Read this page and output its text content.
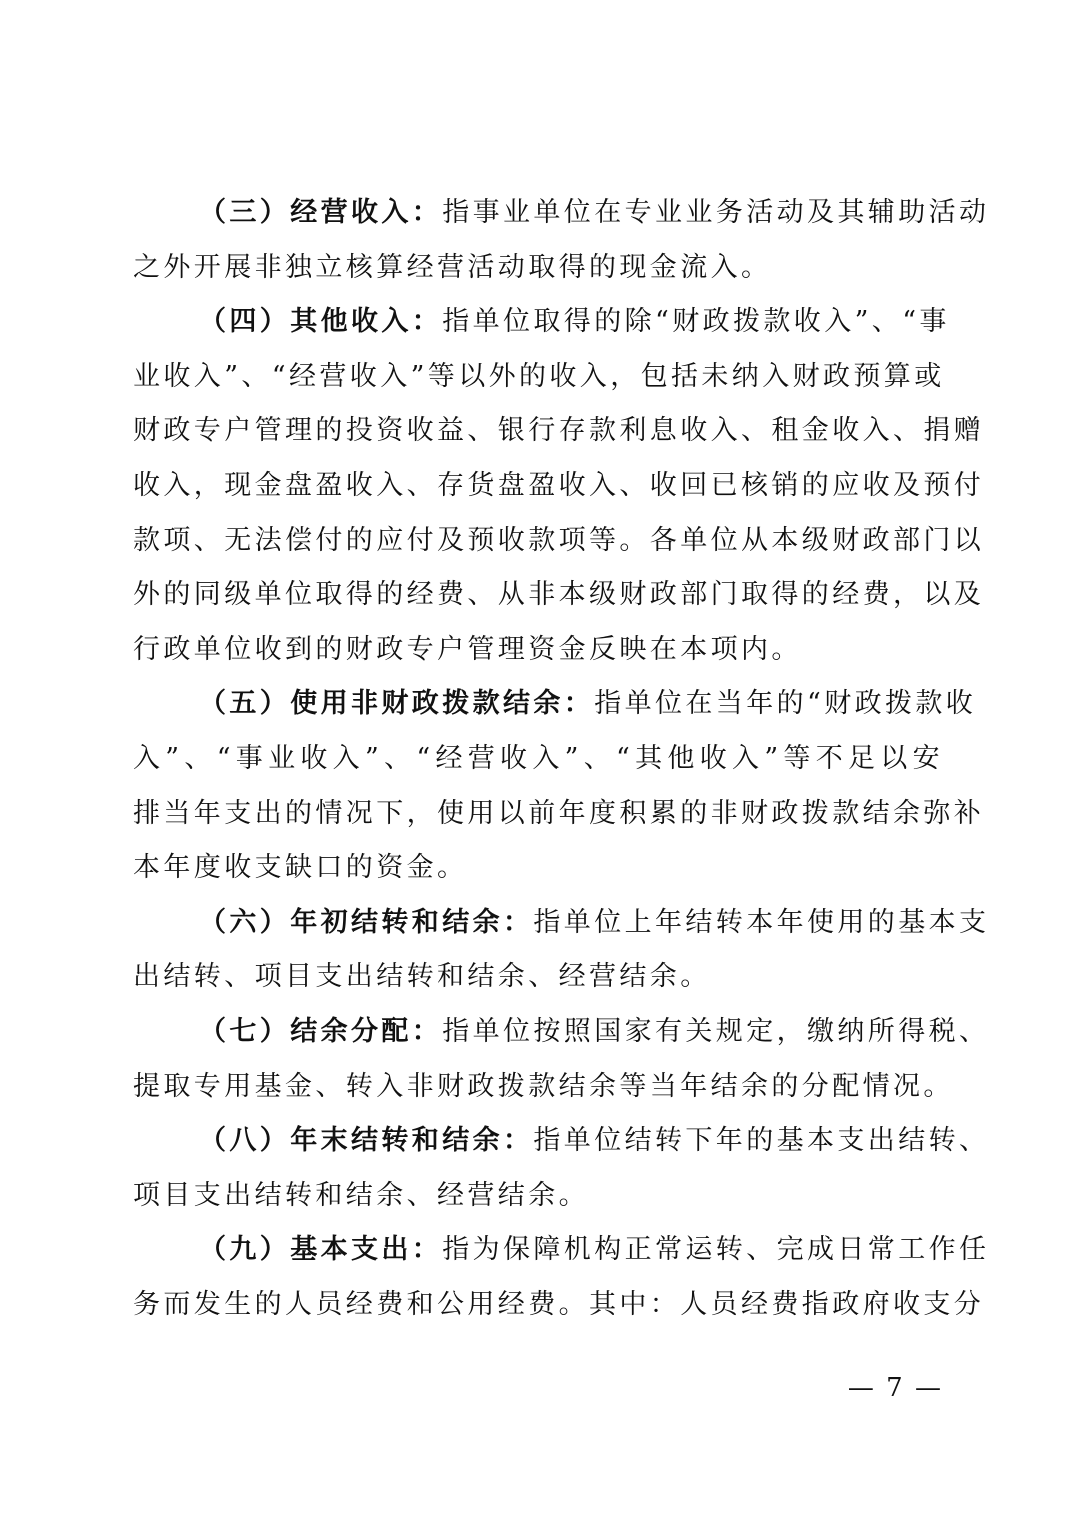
（三）经营收入：指事业单位在专业业务活动及其辅助活动
之外开展非独立核算经营活动取得的现金流入。
（四）其他收入：指单位取得的除“财政拨款收入”、“事
业收入”、“经营收入”等以外的收入，包括未纳入财政预算或
财政专户管理的投资收益、银行存款利息收入、租金收入、捐赠
收入，现金盘盈收入、存货盘盈收入、收回已核销的应收及预付
款项、无法偿付的应付及预收款项等。各单位从本级财政部门以
外的同级单位取得的经费、从非本级财政部门取得的经费，以及
行政单位收到的财政专户管理资金反映在本项内。
（五）使用非财政拨款结余：指单位在当年的“财政拨款收
入”、“事业收入”、“经营收入”、“其他收入”等不足以安
排当年支出的情况下，使用以前年度积累的非财政拨款结余弥补
本年度收支缺口的资金。
（六）年初结转和结余：指单位上年结转本年使用的基本支
出结转、项目支出结转和结余、经营结余。
（七）结余分配：指单位按照国家有关规定，缴纳所得税、
提取专用基金、转入非财政拨款结余等当年结余的分配情况。
（八）年末结转和结余：指单位结转下年的基本支出结转、
项目支出结转和结余、经营结余。
（九）基本支出：指为保障机构正常运转、完成日常工作任
务而发生的人员经费和公用经费。其中：人员经费指政府收支分
— 7 —
